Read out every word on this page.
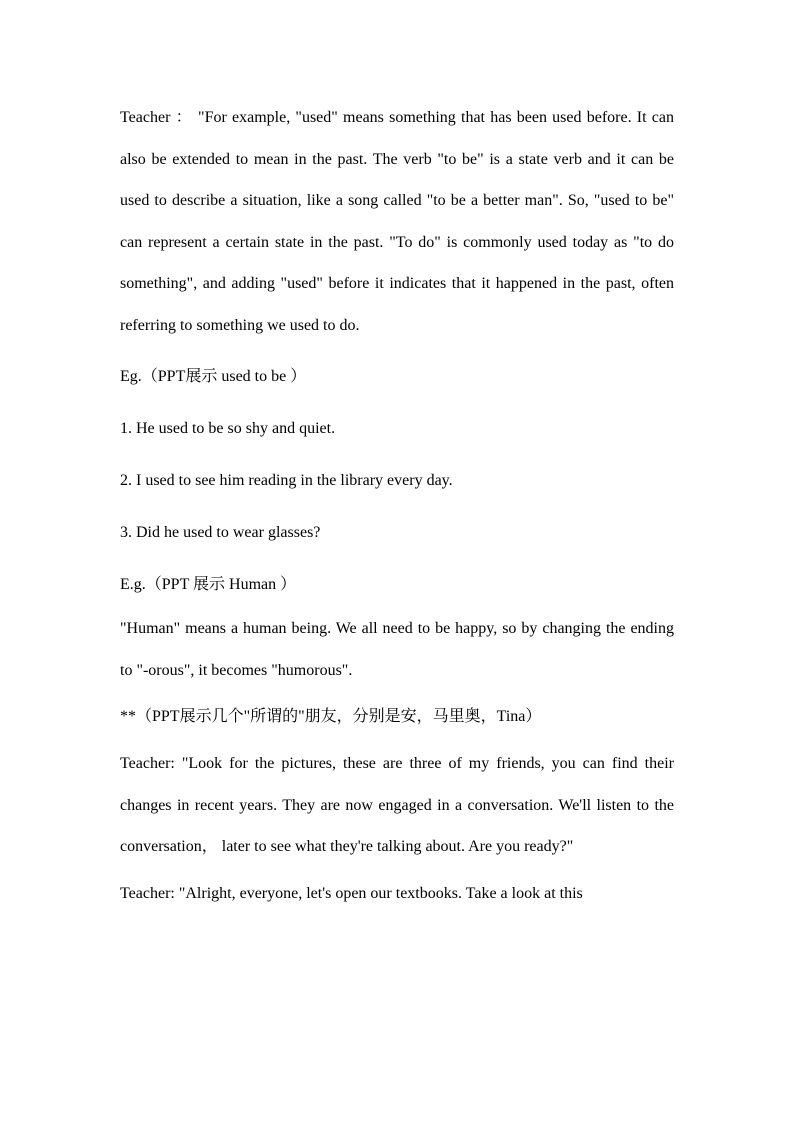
Teacher ： "For example, "used" means something that has been used before. It can also be extended to mean in the past. The verb "to be" is a state verb and it can be used to describe a situation, like a song called "to be a better man". So, "used to be" can represent a certain state in the past. "To do" is commonly used today as "to do something", and adding "used" before it indicates that it happened in the past, often referring to something we used to do.

Eg.（PPT展示 used to be ）

1. He used to be so shy and quiet.

2. I used to see him reading in the library every day.

3. Did he used to wear glasses?

E.g.（PPT 展示 Human ）

"Human" means a human being. We all need to be happy, so by changing the ending to "-orous", it becomes "humorous".

**（PPT展示几个"所谓的"朋友，分别是安，马里奥，Tina）

Teacher: "Look for the pictures, these are three of my friends, you can find their changes in recent years. They are now engaged in a conversation. We'll listen to the conversation， later to see what they're talking about. Are you ready?"

Teacher: "Alright, everyone, let's open our textbooks. Take a look at this
